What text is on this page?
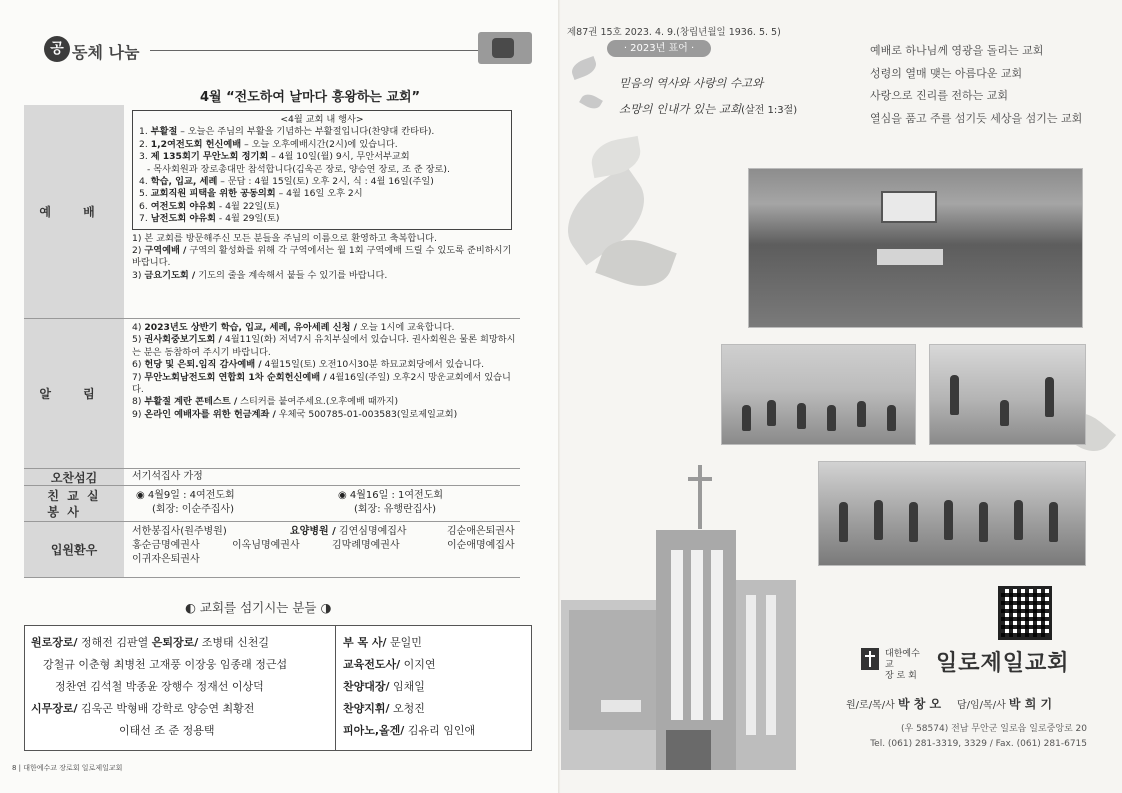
공 동체 나눔
4월 “전도하여 날마다 흥왕하는 교회”
예 배
<4월 교회 내 행사>
1. 부활절 – 오늘은 주님의 부활을 기념하는 부활절입니다(찬양대 칸타타).
2. 1,2여전도회 헌신예배 – 오늘 오후예배시간(2시)에 있습니다.
3. 제 135회기 무안노회 정기회 – 4월 10일(월) 9시, 무안서부교회
- 목사회원과 장로총대만 참석합니다(김욱곤 장로, 양승연 장로, 조 준 장로).
4. 학습, 입교, 세례 – 문답 : 4월 15일(토) 오후 2시, 식 : 4월 16일(주일)
5. 교회직원 피택을 위한 공동의회 – 4월 16일 오후 2시
6. 여전도회 야유회 - 4월 22일(토)
7. 남전도회 야유회 - 4월 29일(토)
1) 본 교회를 방문해주신 모든 분들을 주님의 이름으로 환영하고 축복합니다.
2) 구역예배 / 구역의 활성화를 위해 각 구역에서는 월 1회 구역예배 드릴 수 있도록 준비하시기 바랍니다.
3) 금요기도회 / 기도의 줄을 계속해서 붙들 수 있기를 바랍니다.
알 림
4) 2023년도 상반기 학습, 입교, 세례, 유아세례 신청 / 오늘 1시에 교육합니다.
5) 권사회중보기도회 / 4월11일(화) 저녁7시 유치부실에서 있습니다. 권사회원은 물론 희망하시는 분은 동참하여 주시기 바랍니다.
6) 헌당 및 은퇴.임직 감사예배 / 4월15일(토) 오전10시30분 하묘교회당에서 있습니다.
7) 무안노회남전도회 연합회 1차 순회헌신예배 / 4월16일(주일) 오후2시 망운교회에서 있습니다.
8) 부활절 계란 콘테스트 / 스티커를 붙여주세요.(오후예배 때까지)
9) 온라인 예배자를 위한 헌금계좌 / 우체국 500785-01-003583(일로제일교회)
오찬섬김	서기석집사 가정
친 교 실
봉 사
◉ 4월9일 : 4여전도회
(회장: 이순주집사)
◉ 4월16일 : 1여전도회
(회장: 유행란집사)
입원환우
서한봉집사(원주병원)	요양병원 / 김연심명예집사	김순애은퇴권사
홍순금명예권사	이옥님명예권사	김막례명예권사	이순애명예집사
이귀자은퇴권사
◐ 교회를 섬기시는 분들 ◑
원로장로/ 정해전 김판열 은퇴장로/ 조병태 신천길
강철규 이춘형 최병천 고재풍 이장웅 임종래 정근섭
정찬연 김석철 박종윤 장행수 정재선 이상덕
시무장로/ 김욱곤 박형배 강학로 양승연 최황전
이태선 조 준 정용택
부 목 사/ 문일민
교육전도사/ 이지연
찬양대장/ 임채일
찬양지휘/ 오청진
피아노,올겐/ 김유리 임인애
8 | 대한예수교 장로회 일로제일교회
제87권 15호 2023. 4. 9.(창립년월일 1936. 5. 5)
· 2023년 표어 ·
믿음의 역사와 사랑의 수고와
소망의 인내가 있는 교회(살전 1:3절)
예배로 하나님께 영광을 돌리는 교회
성령의 열매 맺는 아름다운 교회
사랑으로 진리를 전하는 교회
열심을 품고 주를 섬기듯 세상을 섬기는 교회
대한예수교
장 로 회 일로제일교회
원/로/목/사 박 창 오 담/임/목/사 박 희 기
(우 58574) 전남 무안군 일로읍 일로중앙로 20
Tel. (061) 281-3319, 3329 / Fax. (061) 281-6715
